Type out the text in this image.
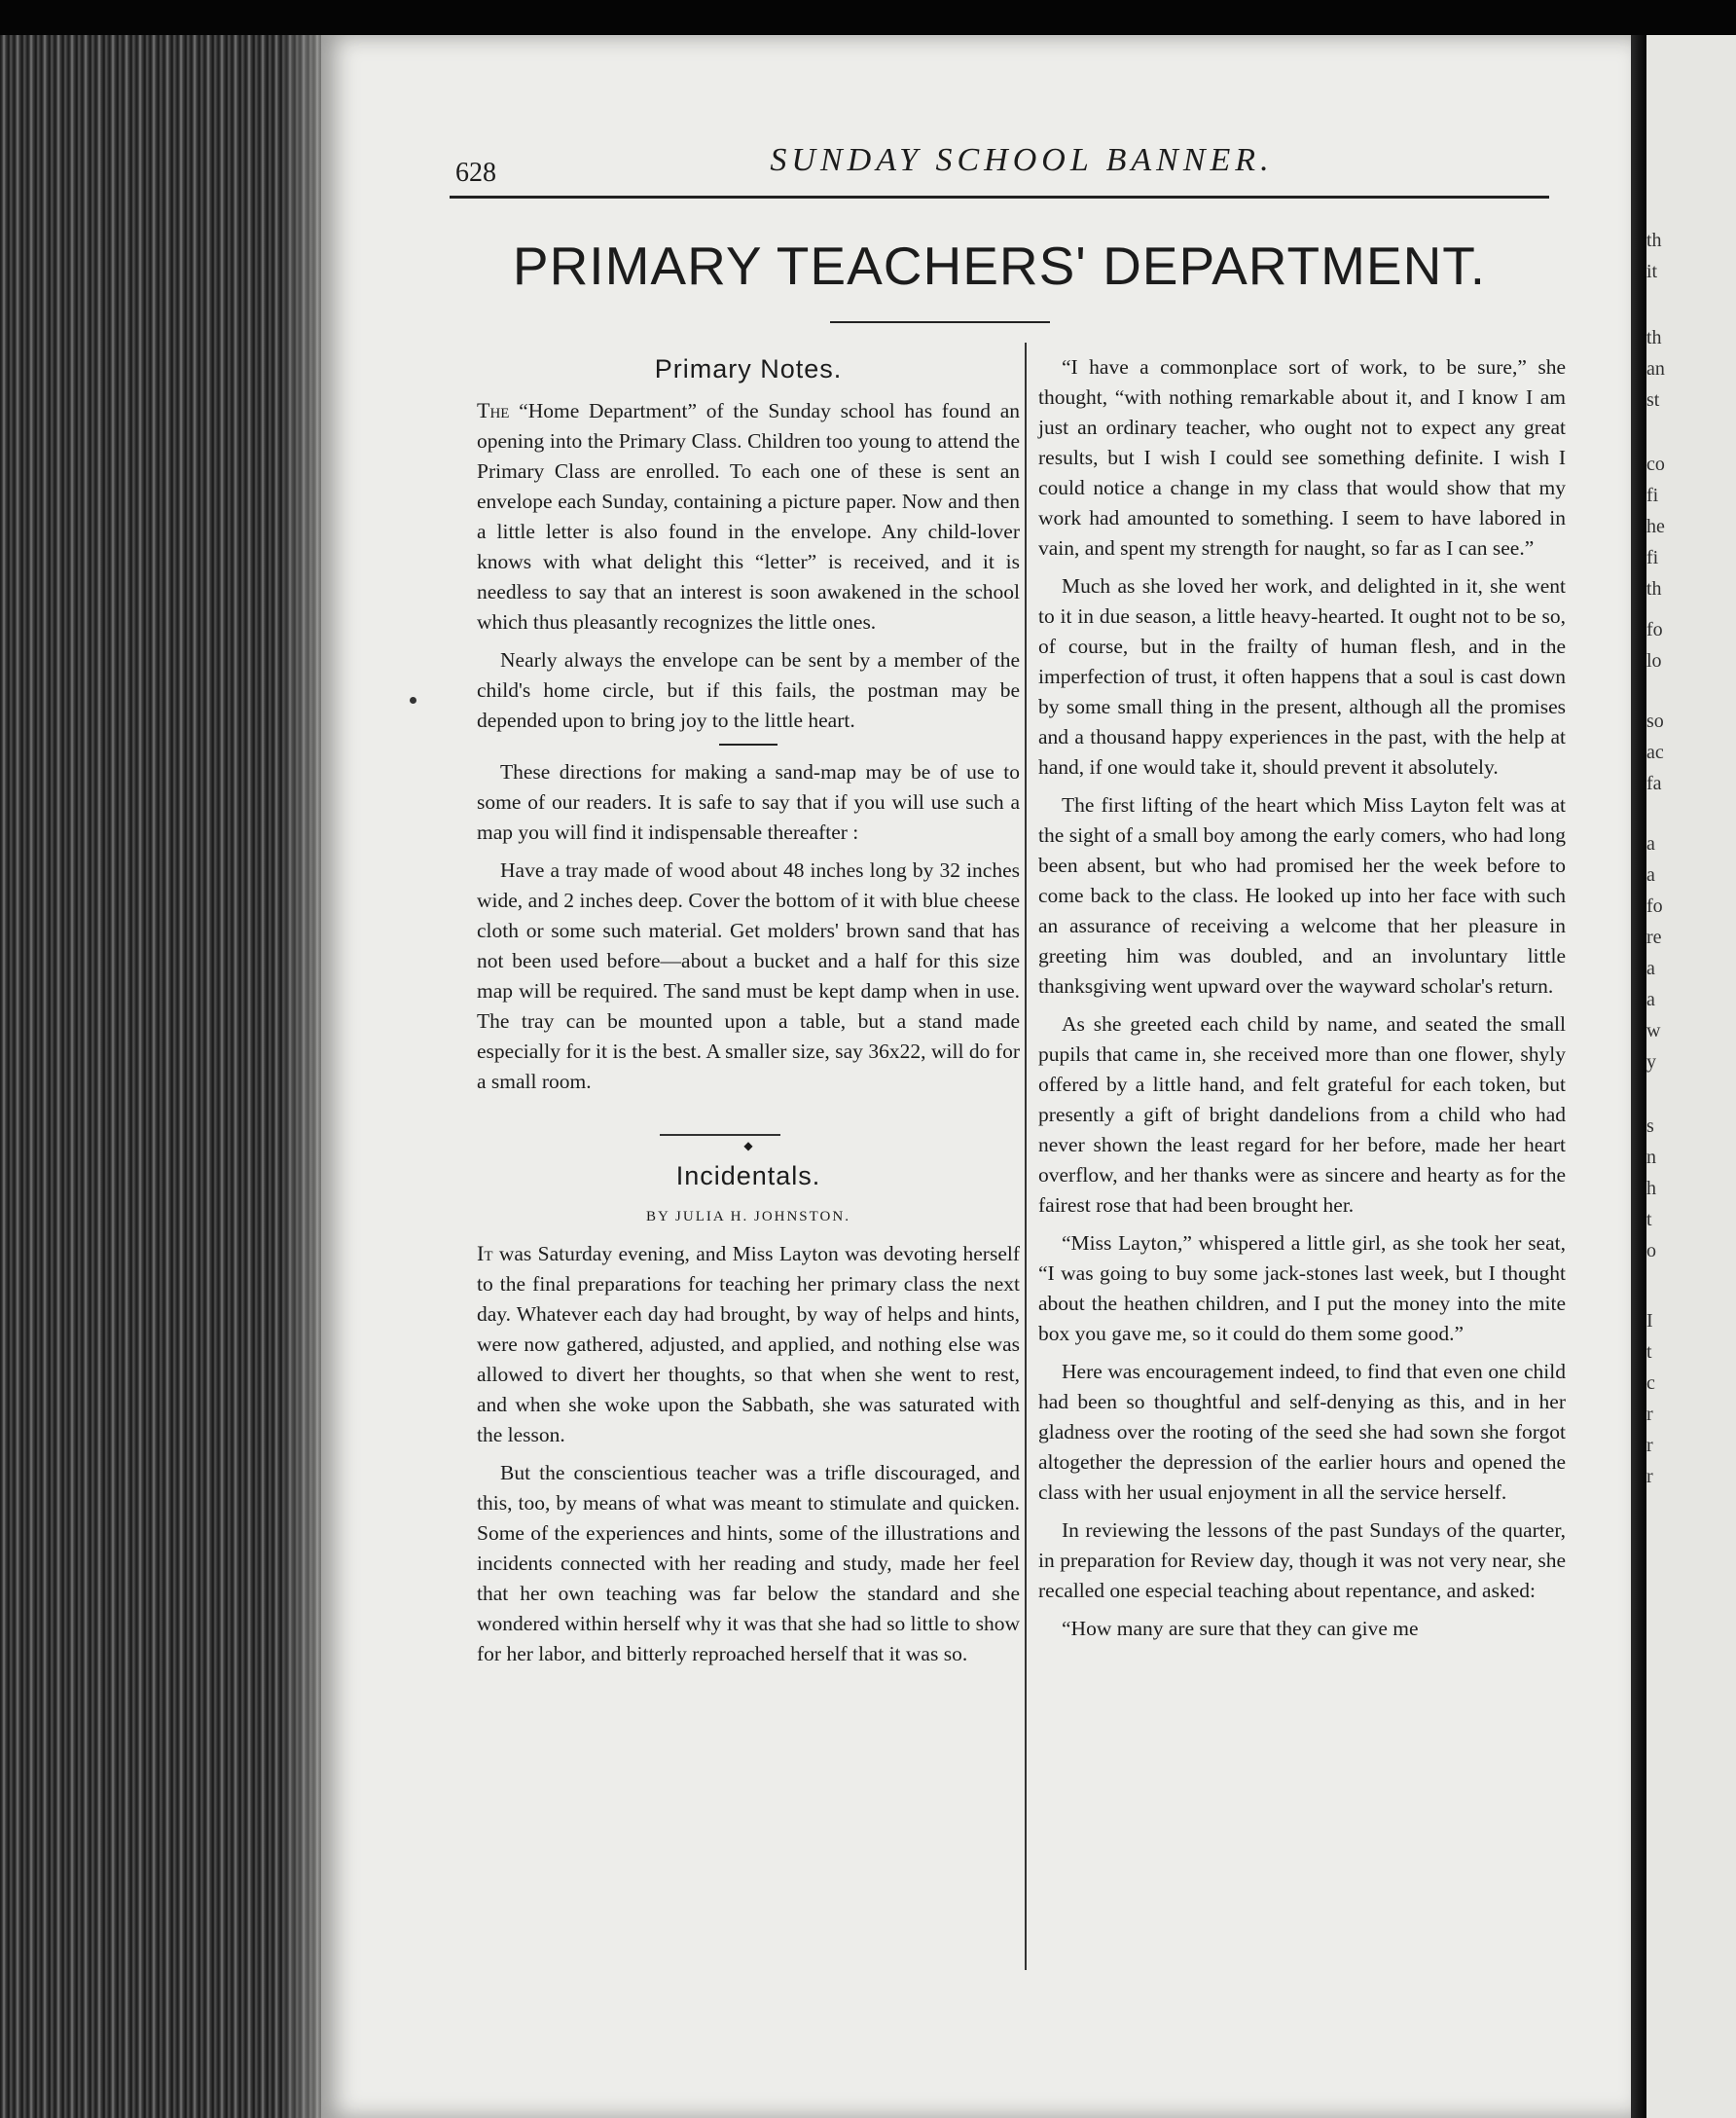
th
it
th
an
st
co
fi
he
fi
th
fo
lo
so
ac
fa
a
a
fo
re
a
a
w
y
s
n
h
t
o
I
t
c
r
r
r
628	SUNDAY SCHOOL BANNER.
PRIMARY TEACHERS' DEPARTMENT.
Primary Notes.

The “Home Department” of the Sunday school has found an opening into the Primary Class. Children too young to attend the Primary Class are enrolled. To each one of these is sent an envelope each Sunday, containing a picture paper. Now and then a little letter is also found in the envelope. Any child-lover knows with what delight this “letter” is received, and it is needless to say that an interest is soon awakened in the school which thus pleasantly recognizes the little ones.

Nearly always the envelope can be sent by a member of the child's home circle, but if this fails, the postman may be depended upon to bring joy to the little heart.

These directions for making a sand-map may be of use to some of our readers. It is safe to say that if you will use such a map you will find it indispensable thereafter :

Have a tray made of wood about 48 inches long by 32 inches wide, and 2 inches deep. Cover the bottom of it with blue cheese cloth or some such material. Get molders' brown sand that has not been used before—about a bucket and a half for this size map will be required. The sand must be kept damp when in use. The tray can be mounted upon a table, but a stand made especially for it is the best. A smaller size, say 36x22, will do for a small room.

◆
Incidentals.
BY JULIA H. JOHNSTON.

It was Saturday evening, and Miss Layton was devoting herself to the final preparations for teaching her primary class the next day. Whatever each day had brought, by way of helps and hints, were now gathered, adjusted, and applied, and nothing else was allowed to divert her thoughts, so that when she went to rest, and when she woke upon the Sabbath, she was saturated with the lesson.

But the conscientious teacher was a trifle discouraged, and this, too, by means of what was meant to stimulate and quicken. Some of the experiences and hints, some of the illustrations and incidents connected with her reading and study, made her feel that her own teaching was far below the standard and she wondered within herself why it was that she had so little to show for her labor, and bitterly reproached herself that it was so.

“I have a commonplace sort of work, to be sure,” she thought, “with nothing remarkable about it, and I know I am just an ordinary teacher, who ought not to expect any great results, but I wish I could see something definite. I wish I could notice a change in my class that would show that my work had amounted to something. I seem to have labored in vain, and spent my strength for naught, so far as I can see.”

Much as she loved her work, and delighted in it, she went to it in due season, a little heavy-hearted. It ought not to be so, of course, but in the frailty of human flesh, and in the imperfection of trust, it often happens that a soul is cast down by some small thing in the present, although all the promises and a thousand happy experiences in the past, with the help at hand, if one would take it, should prevent it absolutely.

The first lifting of the heart which Miss Layton felt was at the sight of a small boy among the early comers, who had long been absent, but who had promised her the week before to come back to the class. He looked up into her face with such an assurance of receiving a welcome that her pleasure in greeting him was doubled, and an involuntary little thanksgiving went upward over the wayward scholar's return.

As she greeted each child by name, and seated the small pupils that came in, she received more than one flower, shyly offered by a little hand, and felt grateful for each token, but presently a gift of bright dandelions from a child who had never shown the least regard for her before, made her heart overflow, and her thanks were as sincere and hearty as for the fairest rose that had been brought her.

“Miss Layton,” whispered a little girl, as she took her seat, “I was going to buy some jack-stones last week, but I thought about the heathen children, and I put the money into the mite box you gave me, so it could do them some good.”

Here was encouragement indeed, to find that even one child had been so thoughtful and self-denying as this, and in her gladness over the rooting of the seed she had sown she forgot altogether the depression of the earlier hours and opened the class with her usual enjoyment in all the service herself.

In reviewing the lessons of the past Sundays of the quarter, in preparation for Review day, though it was not very near, she recalled one especial teaching about repentance, and asked:

“How many are sure that they can give me
